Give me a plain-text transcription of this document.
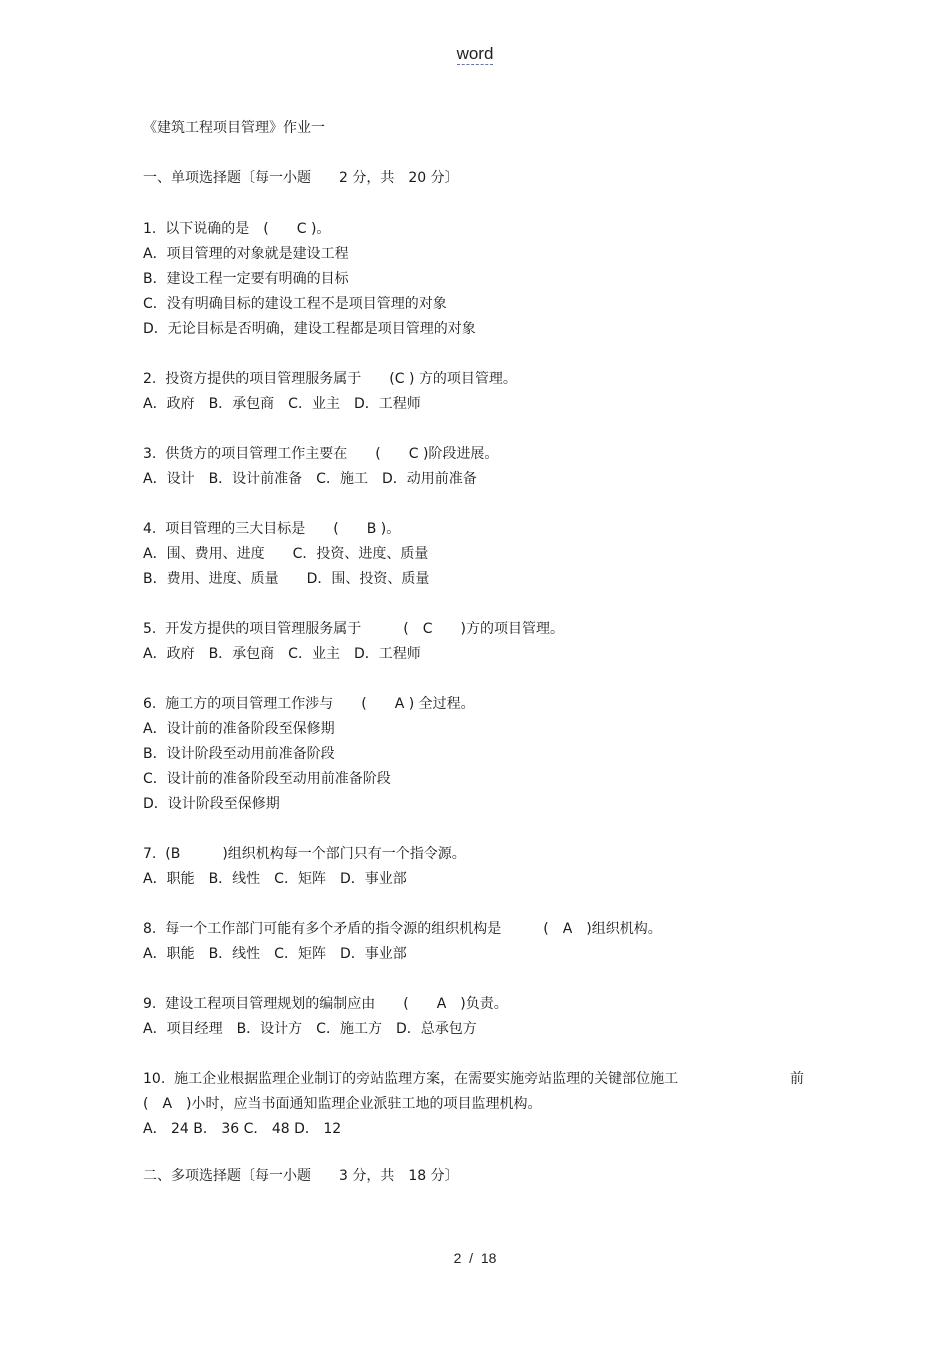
word
《建筑工程项目管理》作业一
一、单项选择题〔每一小题　　2 分，共　20 分〕
1.  以下说确的是　(　　C )。
A．项目管理的对象就是建设工程
B．建设工程一定要有明确的目标
C．没有明确目标的建设工程不是项目管理的对象
D．无论目标是否明确，建设工程都是项目管理的对象
2.  投资方提供的项目管理服务属于　　(C ) 方的项目管理。
A．政府　B．承包商　C．业主　D．工程师
3.  供货方的项目管理工作主要在　　(　　C )阶段进展。
A．设计　B．设计前准备　C．施工　D．动用前准备
4.  项目管理的三大目标是　　(　　B )。
A．围、费用、进度　　C．投资、进度、质量
B．费用、进度、质量　　D．围、投资、质量
5.  开发方提供的项目管理服务属于　　　(　C　　)方的项目管理。
A．政府　B．承包商　C．业主　D．工程师
6.  施工方的项目管理工作涉与　　(　　A ) 全过程。
A．设计前的准备阶段至保修期
B．设计阶段至动用前准备阶段
C．设计前的准备阶段至动用前准备阶段
D．设计阶段至保修期
7.  (B　　　)组织机构每一个部门只有一个指令源。
A．职能　B．线性　C．矩阵　D．事业部
8.  每一个工作部门可能有多个矛盾的指令源的组织机构是　　　(　A　)组织机构。
A．职能　B．线性　C．矩阵　D．事业部
9.  建设工程项目管理规划的编制应由　　(　　A　)负责。
A．项目经理　B．设计方　C．施工方　D．总承包方
10.  施工企业根据监理企业制订的旁站监理方案，在需要实施旁站监理的关键部位施工	前
(　A　)小时，应当书面通知监理企业派驻工地的项目监理机构。
A． 24 B． 36 C． 48 D． 12
二、多项选择题〔每一小题　　3 分，共　18 分〕
2  /  18
